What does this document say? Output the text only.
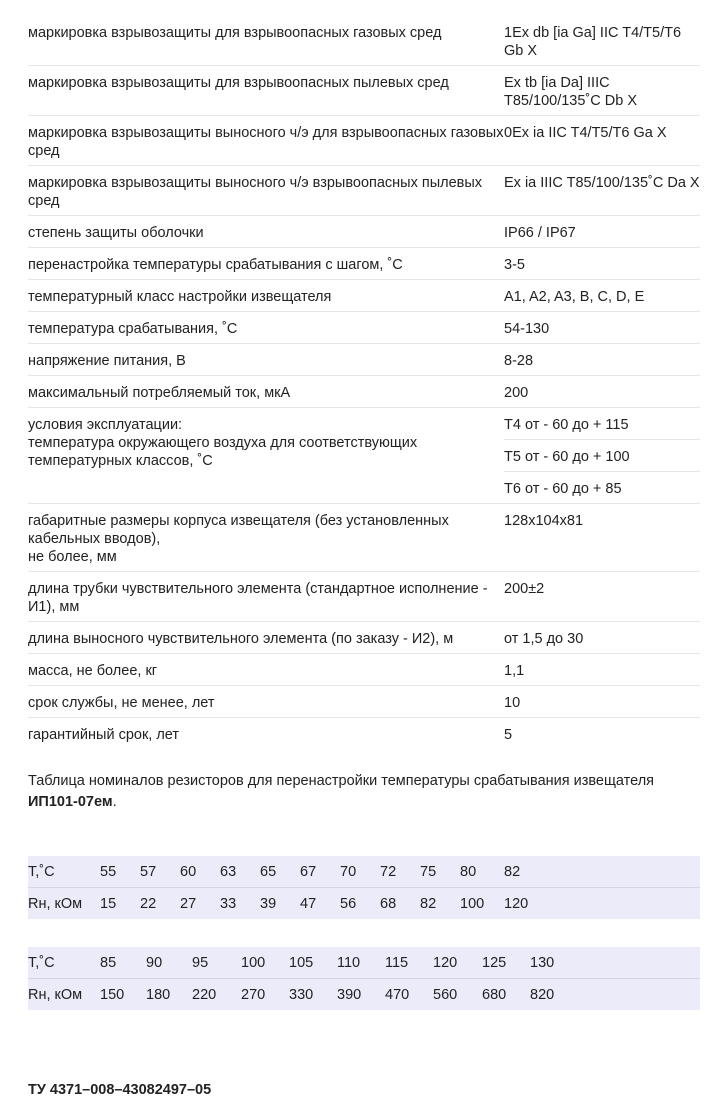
маркировка взрывозащиты для взрывоопасных газовых сред	1Ex db [ia Ga] IIC T4/T5/T6 Gb X
маркировка взрывозащиты для взрывоопасных пылевых сред	Ex tb [ia Da] IIIC T85/100/135˚C Db X
маркировка взрывозащиты выносного ч/э для взрывоопасных газовых сред	0Ex ia IIC T4/T5/T6 Ga X
маркировка взрывозащиты выносного ч/э взрывоопасных пылевых сред	Ex ia IIIC T85/100/135˚C Da X
степень защиты оболочки	IP66 / IP67
перенастройка температуры срабатывания с шагом, ˚С	3-5
температурный класс настройки извещателя	A1, A2, A3, B, C, D, E
температура срабатывания, ˚С	54-130
напряжение питания, В	8-28
максимальный потребляемый ток, мкА	200
условия эксплуатации:
температура окружающего воздуха для соответствующих температурных классов, ˚С	Т4 от - 60 до + 115
Т5 от - 60 до + 100
Т6 от - 60 до + 85

габаритные размеры корпуса извещателя (без установленных кабельных вводов),
не более, мм	128х104х81
длина трубки чувствительного элемента (стандартное исполнение - И1), мм	200±2
длина выносного чувствительного элемента (по заказу - И2), м	от 1,5 до 30
масса, не более, кг	1,1
срок службы, не менее, лет	10
гарантийный срок, лет	5
Таблица номиналов резисторов для перенастройки температуры срабатывания извещателя ИП101-07ем.
Т,˚С	55	57	60	63	65	67	70	72	75	80	82	
Rн, кОм	15	22	27	33	39	47	56	68	82	100	120	
Т,˚С	85	90	95	100	105	110	115	120	125	130	
Rн, кОм	150	180	220	270	330	390	470	560	680	820	
ТУ 4371–008–43082497–05
